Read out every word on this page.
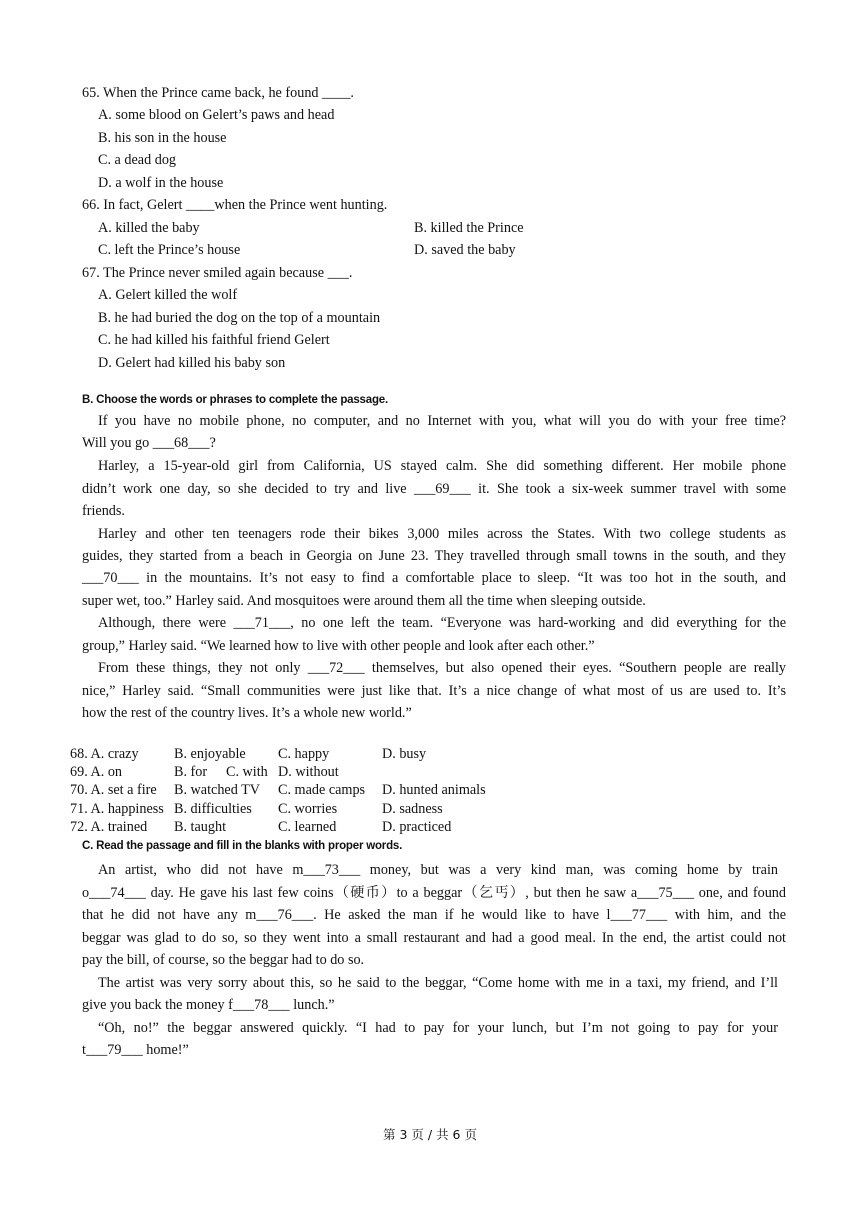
65. When the Prince came back, he found ____.
A. some blood on Gelert’s paws and head
B. his son in the house
C. a dead dog
D. a wolf in the house
66. In fact, Gelert ____when the Prince went hunting.
A. killed the baby	B. killed the Prince
C. left the Prince’s house	D. saved the baby
67. The Prince never smiled again because ___.
A. Gelert killed the wolf
B. he had buried the dog on the top of a mountain
C. he had killed his faithful friend Gelert
D. Gelert had killed his baby son
B. Choose the words or phrases to complete the passage.
If you have no mobile phone, no computer, and no Internet with you, what will you do with your free time?
Will you go ___68___?
Harley, a 15-year-old girl from California, US stayed calm. She did something different. Her mobile phone
didn’t work one day, so she decided to try and live ___69___ it. She took a six-week summer travel with some
friends.
Harley and other ten teenagers rode their bikes 3,000 miles across the States. With two college students as
guides, they started from a beach in Georgia on June 23. They travelled through small towns in the south, and they
___70___ in the mountains. It’s not easy to find a comfortable place to sleep. “It was too hot in the south, and
super wet, too.” Harley said. And mosquitoes were around them all the time when sleeping outside.
Although, there were ___71___, no one left the team. “Everyone was hard-working and did everything for the
group,” Harley said. “We learned how to live with other people and look after each other.”
From these things, they not only ___72___ themselves, but also opened their eyes. “Southern people are really
nice,” Harley said. “Small communities were just like that. It’s a nice change of what most of us are used to. It’s
how the rest of the country lives. It’s a whole new world.”
68. A. crazy B. enjoyable C. happy	D. busy
69. A. on	B. for C. with D. without
70. A. set a fire B. watched TV C. made camps D. hunted animals
71. A. happiness B. difficulties C. worries	D. sadness
72. A. trained B. taught	C. learned	D. practiced
C. Read the passage and fill in the blanks with proper words.
An artist, who did not have m___73___ money, but was a very kind man, was coming home by train
o___74___ day. He gave his last few coins（硬币）to a beggar（乞丐）, but then he saw a___75___ one, and found
that he did not have any m___76___. He asked the man if he would like to have l___77___ with him, and the
beggar was glad to do so, so they went into a small restaurant and had a good meal. In the end, the artist could not
pay the bill, of course, so the beggar had to do so.
The artist was very sorry about this, so he said to the beggar, “Come home with me in a taxi, my friend, and I’ll
give you back the money f___78___ lunch.”
“Oh, no!” the beggar answered quickly. “I had to pay for your lunch, but I’m not going to pay for your
t___79___ home!”
第 3 页 / 共 6 页
